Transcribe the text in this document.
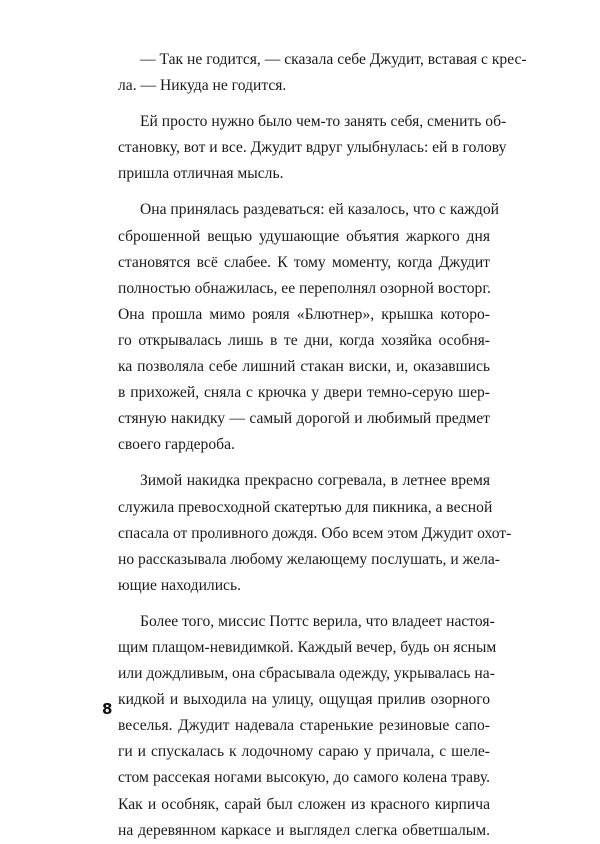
— Так не годится, — сказала себе Джудит, вставая с крес-
ла. — Никуда не годится.
Ей просто нужно было чем-то занять себя, сменить об-
становку, вот и все. Джудит вдруг улыбнулась: ей в голову
пришла отличная мысль.
Она принялась раздеваться: ей казалось, что с каждой
сброшенной вещью удушающие объятия жаркого дня
становятся всё слабее. К тому моменту, когда Джудит
полностью обнажилась, ее переполнял озорной восторг.
Она прошла мимо рояля «Блютнер», крышка которо-
го открывалась лишь в те дни, когда хозяйка особня-
ка позволяла себе лишний стакан виски, и, оказавшись
в прихожей, сняла с крючка у двери темно-серую шер-
стяную накидку — самый дорогой и любимый предмет
своего гардероба.
Зимой накидка прекрасно согревала, в летнее время
служила превосходной скатертью для пикника, а весной
спасала от проливного дождя. Обо всем этом Джудит охот-
но рассказывала любому желающему послушать, и жела-
ющие находились.
Более того, миссис Поттс верила, что владеет настоя-
щим плащом-невидимкой. Каждый вечер, будь он ясным
или дождливым, она сбрасывала одежду, укрывалась на-
кидкой и выходила на улицу, ощущая прилив озорного
веселья. Джудит надевала старенькие резиновые сапо-
ги и спускалась к лодочному сараю у причала, с шеле-
стом рассекая ногами высокую, до самого колена траву.
Как и особняк, сарай был сложен из красного кирпича
на деревянном каркасе и выглядел слегка обветшалым.
8
